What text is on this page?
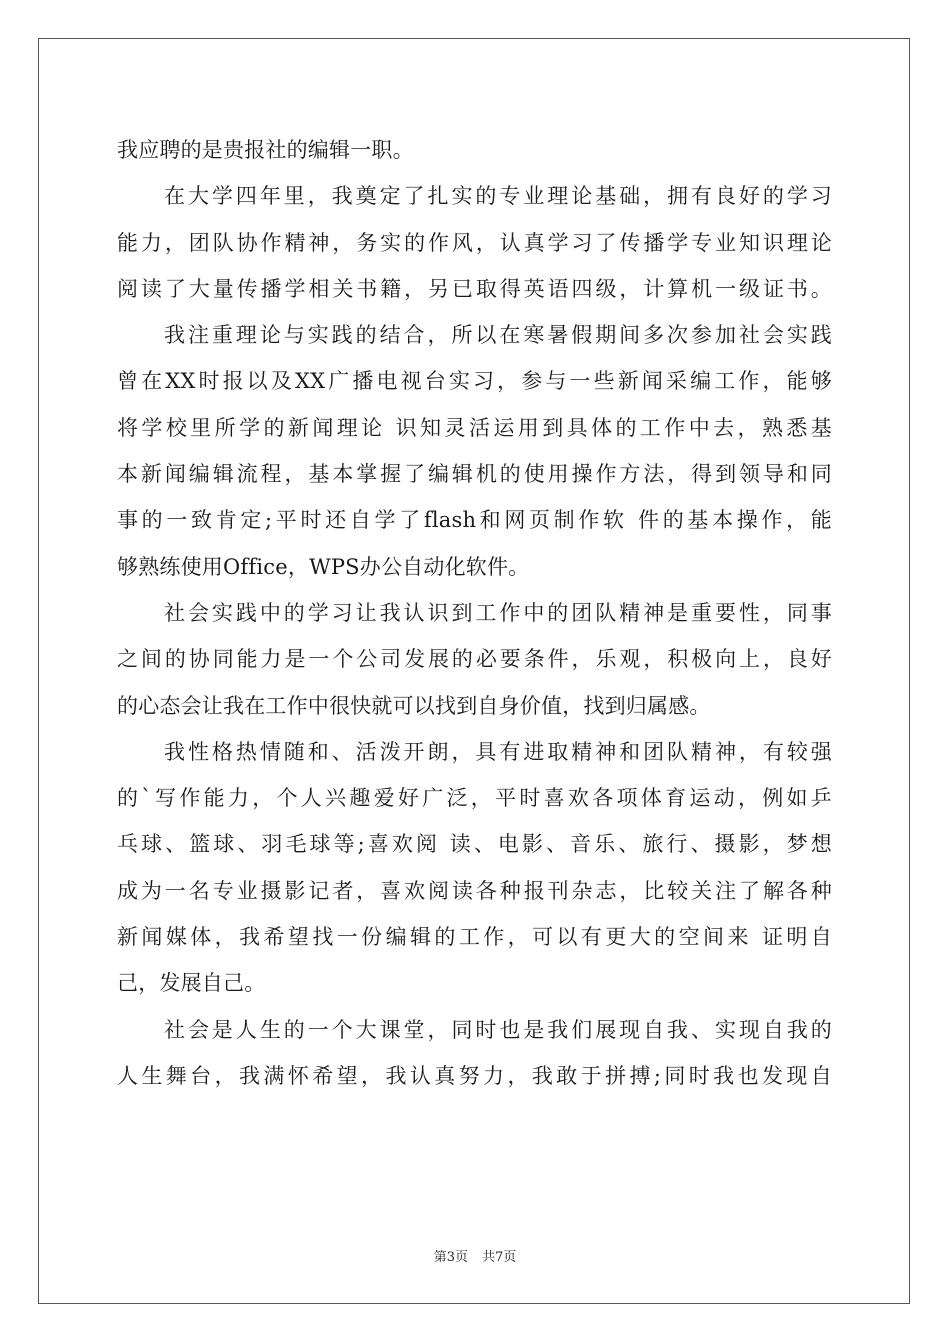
我应聘的是贵报社的编辑一职。
在大学四年里，我奠定了扎实的专业理论基础，拥有良好的学习
能力，团队协作精神，务实的作风，认真学习了传播学专业知识理论
阅读了大量传播学相关书籍，另已取得英语四级，计算机一级证书。
我注重理论与实践的结合，所以在寒暑假期间多次参加社会实践
曾在XX时报以及XX广播电视台实习，参与一些新闻采编工作，能够
将学校里所学的新闻理论 识知灵活运用到具体的工作中去，熟悉基
本新闻编辑流程，基本掌握了编辑机的使用操作方法，得到领导和同
事的一致肯定;平时还自学了flash和网页制作软 件的基本操作，能
够熟练使用Office，WPS办公自动化软件。
社会实践中的学习让我认识到工作中的团队精神是重要性，同事
之间的协同能力是一个公司发展的必要条件，乐观，积极向上，良好
的心态会让我在工作中很快就可以找到自身价值，找到归属感。
我性格热情随和、活泼开朗，具有进取精神和团队精神，有较强
的`写作能力，个人兴趣爱好广泛，平时喜欢各项体育运动，例如乒
乓球、篮球、羽毛球等;喜欢阅 读、电影、音乐、旅行、摄影，梦想
成为一名专业摄影记者，喜欢阅读各种报刊杂志，比较关注了解各种
新闻媒体，我希望找一份编辑的工作，可以有更大的空间来 证明自
己，发展自己。
社会是人生的一个大课堂，同时也是我们展现自我、实现自我的
人生舞台，我满怀希望，我认真努力，我敢于拼搏;同时我也发现自
第3页 共7页
